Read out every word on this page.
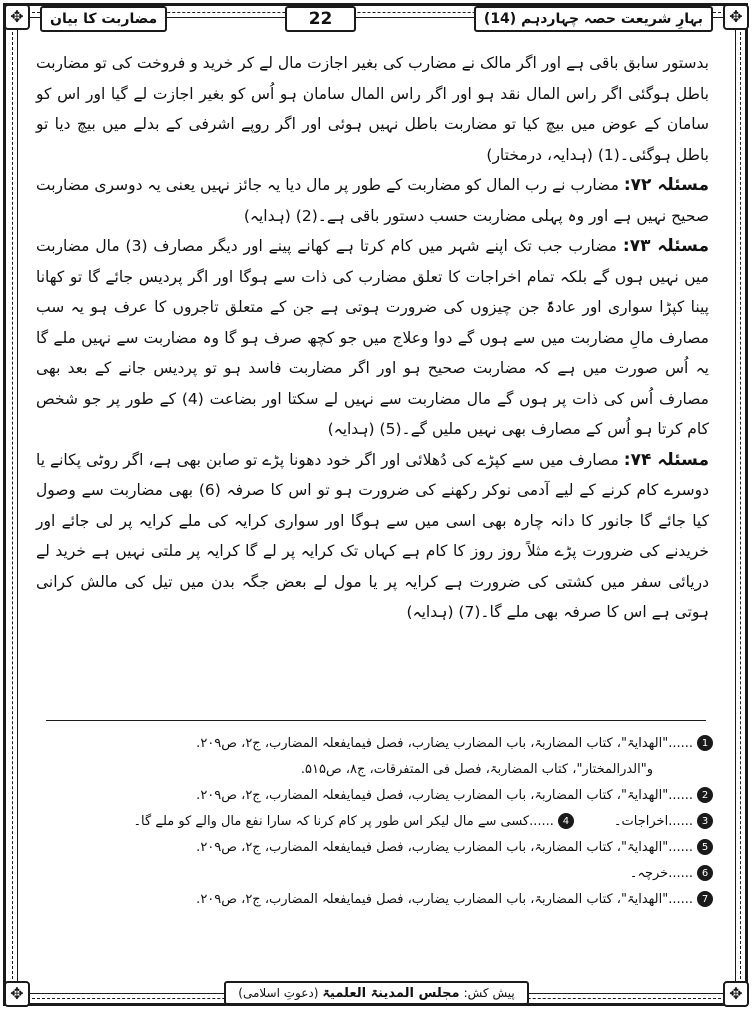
✥	✥
✥	✥
بہارِ شریعت حصہ چہاردہم (14)
22
مضاربت کا بیان

بدستور سابق باقی ہے اور اگر مالک نے مضارب کی بغیر اجازت مال لے کر خرید و فروخت کی تو مضاربت باطل ہوگئی اگر راس المال نقد ہو اور اگر راس المال سامان ہو اُس کو بغیر اجازت لے گیا اور اس کو سامان کے عوض میں بیچ کیا تو مضاربت باطل نہیں ہوئی اور اگر روپے اشرفی کے بدلے میں بیچ دیا تو باطل ہوگئی۔(1) (ہدایہ، درمختار)

مسئلہ ۷۲: مضارب نے رب المال کو مضاربت کے طور پر مال دیا یہ جائز نہیں یعنی یہ دوسری مضاربت صحیح نہیں ہے اور وہ پہلی مضاربت حسب دستور باقی ہے۔(2) (ہدایہ)

مسئلہ ۷۳: مضارب جب تک اپنے شہر میں کام کرتا ہے کھانے پینے اور دیگر مصارف (3) مال مضاربت میں نہیں ہوں گے بلکہ تمام اخراجات کا تعلق مضارب کی ذات سے ہوگا اور اگر پردیس جائے گا تو کھانا پینا کپڑا سواری اور عادۃً جن چیزوں کی ضرورت ہوتی ہے جن کے متعلق تاجروں کا عرف ہو یہ سب مصارف مالِ مضاربت میں سے ہوں گے دوا وعلاج میں جو کچھ صرف ہو گا وہ مضاربت سے نہیں ملے گا یہ اُس صورت میں ہے کہ مضاربت صحیح ہو اور اگر مضاربت فاسد ہو تو پردیس جانے کے بعد بھی مصارف اُس کی ذات پر ہوں گے مال مضاربت سے نہیں لے سکتا اور بضاعت (4) کے طور پر جو شخص کام کرتا ہو اُس کے مصارف بھی نہیں ملیں گے۔(5) (ہدایہ)

مسئلہ ۷۴: مصارف میں سے کپڑے کی دُھلائی اور اگر خود دھونا پڑے تو صابن بھی ہے، اگر روٹی پکانے یا دوسرے کام کرنے کے لیے آدمی نوکر رکھنے کی ضرورت ہو تو اس کا صرفہ (6) بھی مضاربت سے وصول کیا جائے گا جانور کا دانہ چارہ بھی اسی میں سے ہوگا اور سواری کرایہ کی ملے کرایہ پر لی جائے اور خریدنے کی ضرورت پڑے مثلاً روز روز کا کام ہے کہاں تک کرایہ پر لے گا کرایہ پر ملتی نہیں ہے خرید لے دریائی سفر میں کشتی کی ضرورت ہے کرایہ پر یا مول لے بعض جگہ بدن میں تیل کی مالش کرانی ہوتی ہے اس کا صرفہ بھی ملے گا۔(7) (ہدایہ)

1
......"الھدایۃ"، کتاب المضاربۃ، باب المضارب یضارب، فصل فیمایفعلہ المضارب، ج۲، ص۲۰۹.
و"الدرالمختار"، کتاب المضاربۃ، فصل فی المتفرقات، ج۸، ص۵۱۵.
2
......"الھدایۃ"، کتاب المضاربۃ، باب المضارب یضارب، فصل فیمایفعلہ المضارب، ج۲، ص۲۰۹.
3
......اخراجات۔
4
......کسی سے مال لیکر اس طور پر کام کرنا کہ سارا نفع مال والے کو ملے گا۔
5
......"الھدایۃ"، کتاب المضاربۃ، باب المضارب یضارب، فصل فیمایفعلہ المضارب، ج۲، ص۲۰۹.
6
......خرچہ۔
7
......"الھدایۃ"، کتاب المضاربۃ، باب المضارب یضارب، فصل فیمایفعلہ المضارب، ج۲، ص۲۰۹.
پیش کش:
مجلس المدینۃ العلمیۃ
(دعوتِ اسلامی)
